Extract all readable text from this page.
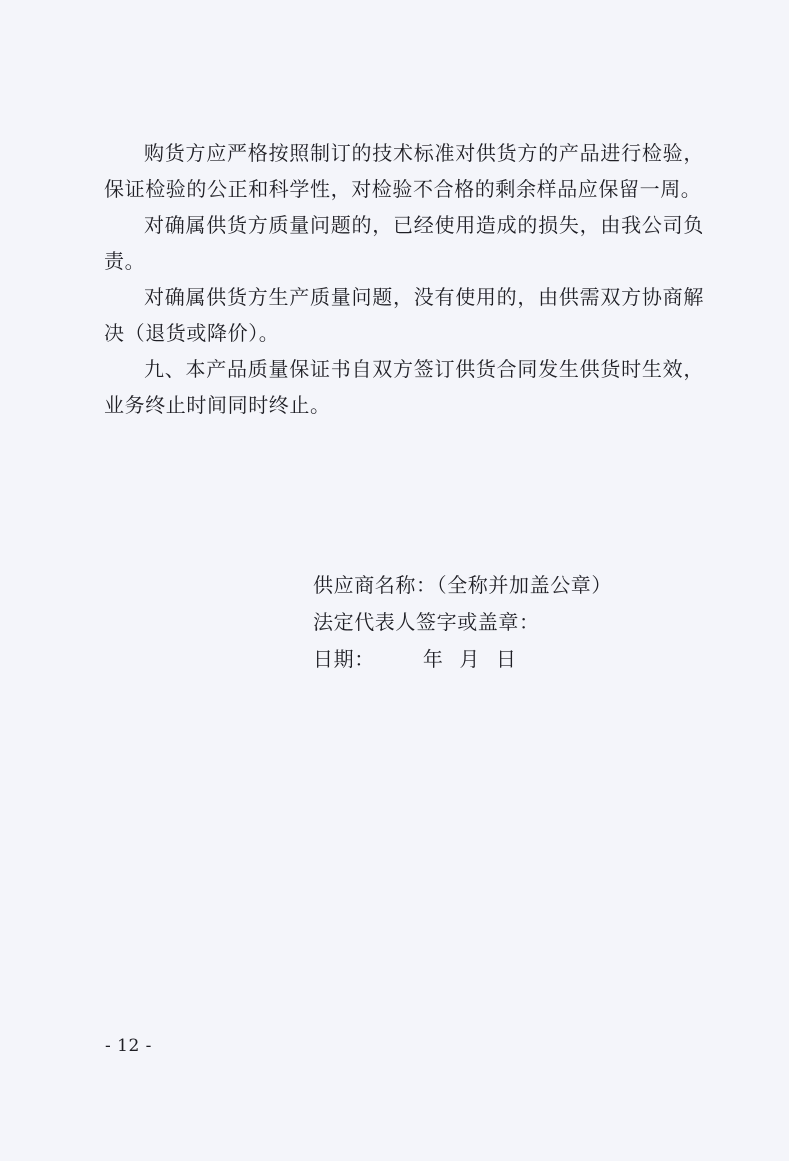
购货方应严格按照制订的技术标准对供货方的产品进行检验，保证检验的公正和科学性，对检验不合格的剩余样品应保留一周。

对确属供货方质量问题的，已经使用造成的损失，由我公司负责。

对确属供货方生产质量问题，没有使用的，由供需双方协商解决（退货或降价）。

九、本产品质量保证书自双方签订供货合同发生供货时生效，业务终止时间同时终止。

供应商名称：（全称并加盖公章）

法定代表人签字或盖章：

日期： 年 月 日

- 12 -
